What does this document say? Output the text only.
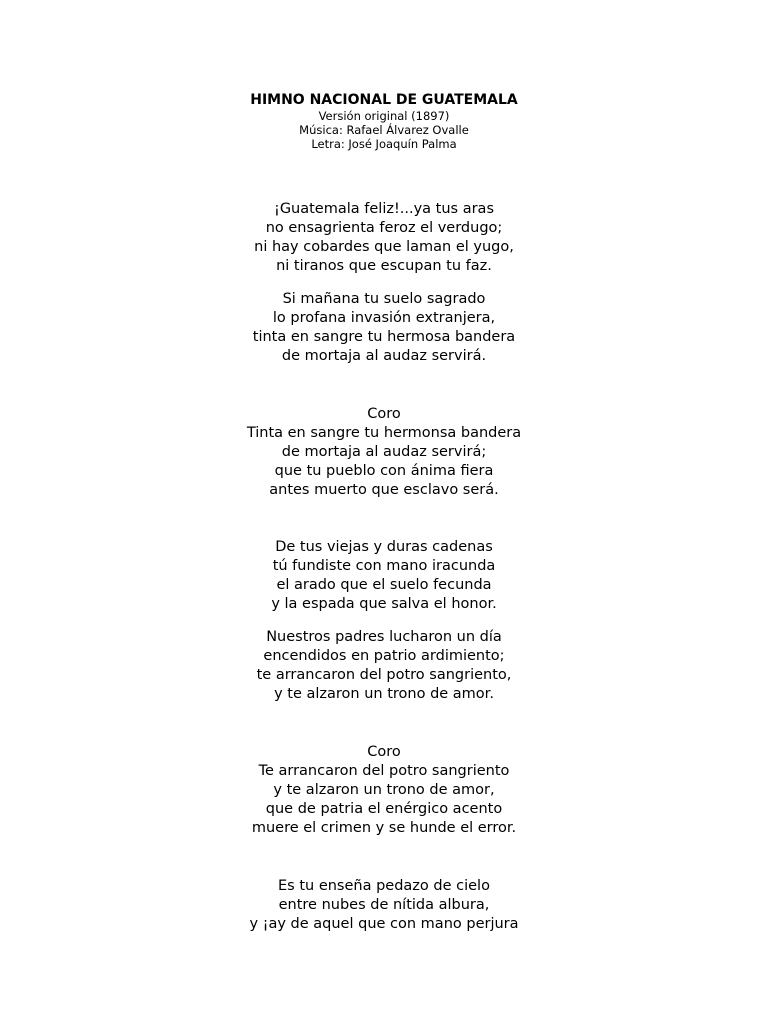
HIMNO NACIONAL DE GUATEMALA

Versión original (1897)

Música: Rafael Álvarez Ovalle

Letra: José Joaquín Palma

¡Guatemala feliz!...ya tus aras
no ensagrienta feroz el verdugo;
ni hay cobardes que laman el yugo,
ni tiranos que escupan tu faz.
Si mañana tu suelo sagrado
lo profana invasión extranjera,
tinta en sangre tu hermosa bandera
de mortaja al audaz servirá.
Coro
Tinta en sangre tu hermonsa bandera
de mortaja al audaz servirá;
que tu pueblo con ánima fiera
antes muerto que esclavo será.
De tus viejas y duras cadenas
tú fundiste con mano iracunda
el arado que el suelo fecunda
y la espada que salva el honor.
Nuestros padres lucharon un día
encendidos en patrio ardimiento;
te arrancaron del potro sangriento,
y te alzaron un trono de amor.
Coro
Te arrancaron del potro sangriento
y te alzaron un trono de amor,
que de patria el enérgico acento
muere el crimen y se hunde el error.
Es tu enseña pedazo de cielo
entre nubes de nítida albura,
y ¡ay de aquel que con mano perjura
